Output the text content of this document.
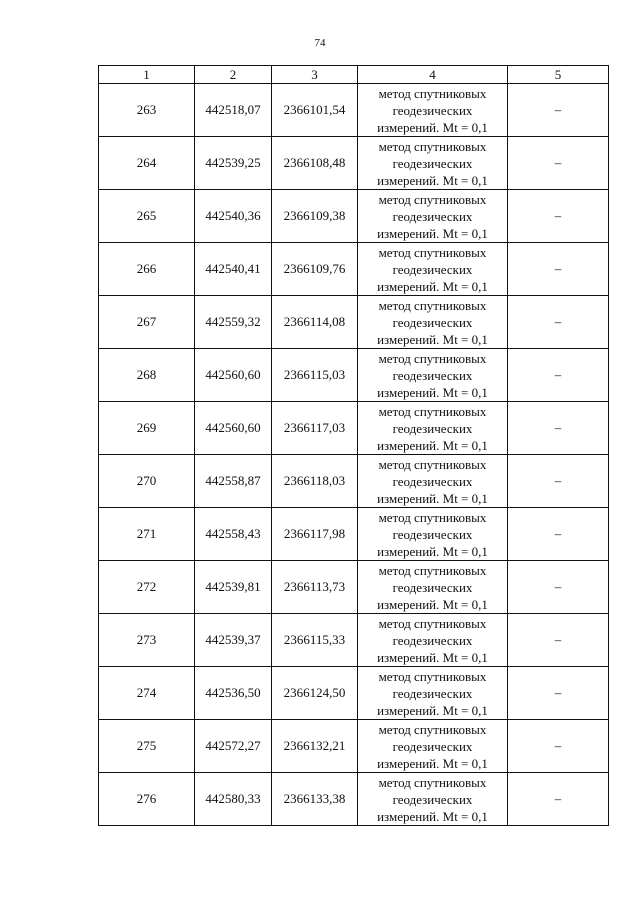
74
1	2	3	4	5
263	442518,07	2366101,54	метод спутниковых
геодезических
измерений. Mt = 0,1	–
264	442539,25	2366108,48	метод спутниковых
геодезических
измерений. Mt = 0,1	–
265	442540,36	2366109,38	метод спутниковых
геодезических
измерений. Mt = 0,1	–
266	442540,41	2366109,76	метод спутниковых
геодезических
измерений. Mt = 0,1	–
267	442559,32	2366114,08	метод спутниковых
геодезических
измерений. Mt = 0,1	–
268	442560,60	2366115,03	метод спутниковых
геодезических
измерений. Mt = 0,1	–
269	442560,60	2366117,03	метод спутниковых
геодезических
измерений. Mt = 0,1	–
270	442558,87	2366118,03	метод спутниковых
геодезических
измерений. Mt = 0,1	–
271	442558,43	2366117,98	метод спутниковых
геодезических
измерений. Mt = 0,1	–
272	442539,81	2366113,73	метод спутниковых
геодезических
измерений. Mt = 0,1	–
273	442539,37	2366115,33	метод спутниковых
геодезических
измерений. Mt = 0,1	–
274	442536,50	2366124,50	метод спутниковых
геодезических
измерений. Mt = 0,1	–
275	442572,27	2366132,21	метод спутниковых
геодезических
измерений. Mt = 0,1	–
276	442580,33	2366133,38	метод спутниковых
геодезических
измерений. Mt = 0,1	–
